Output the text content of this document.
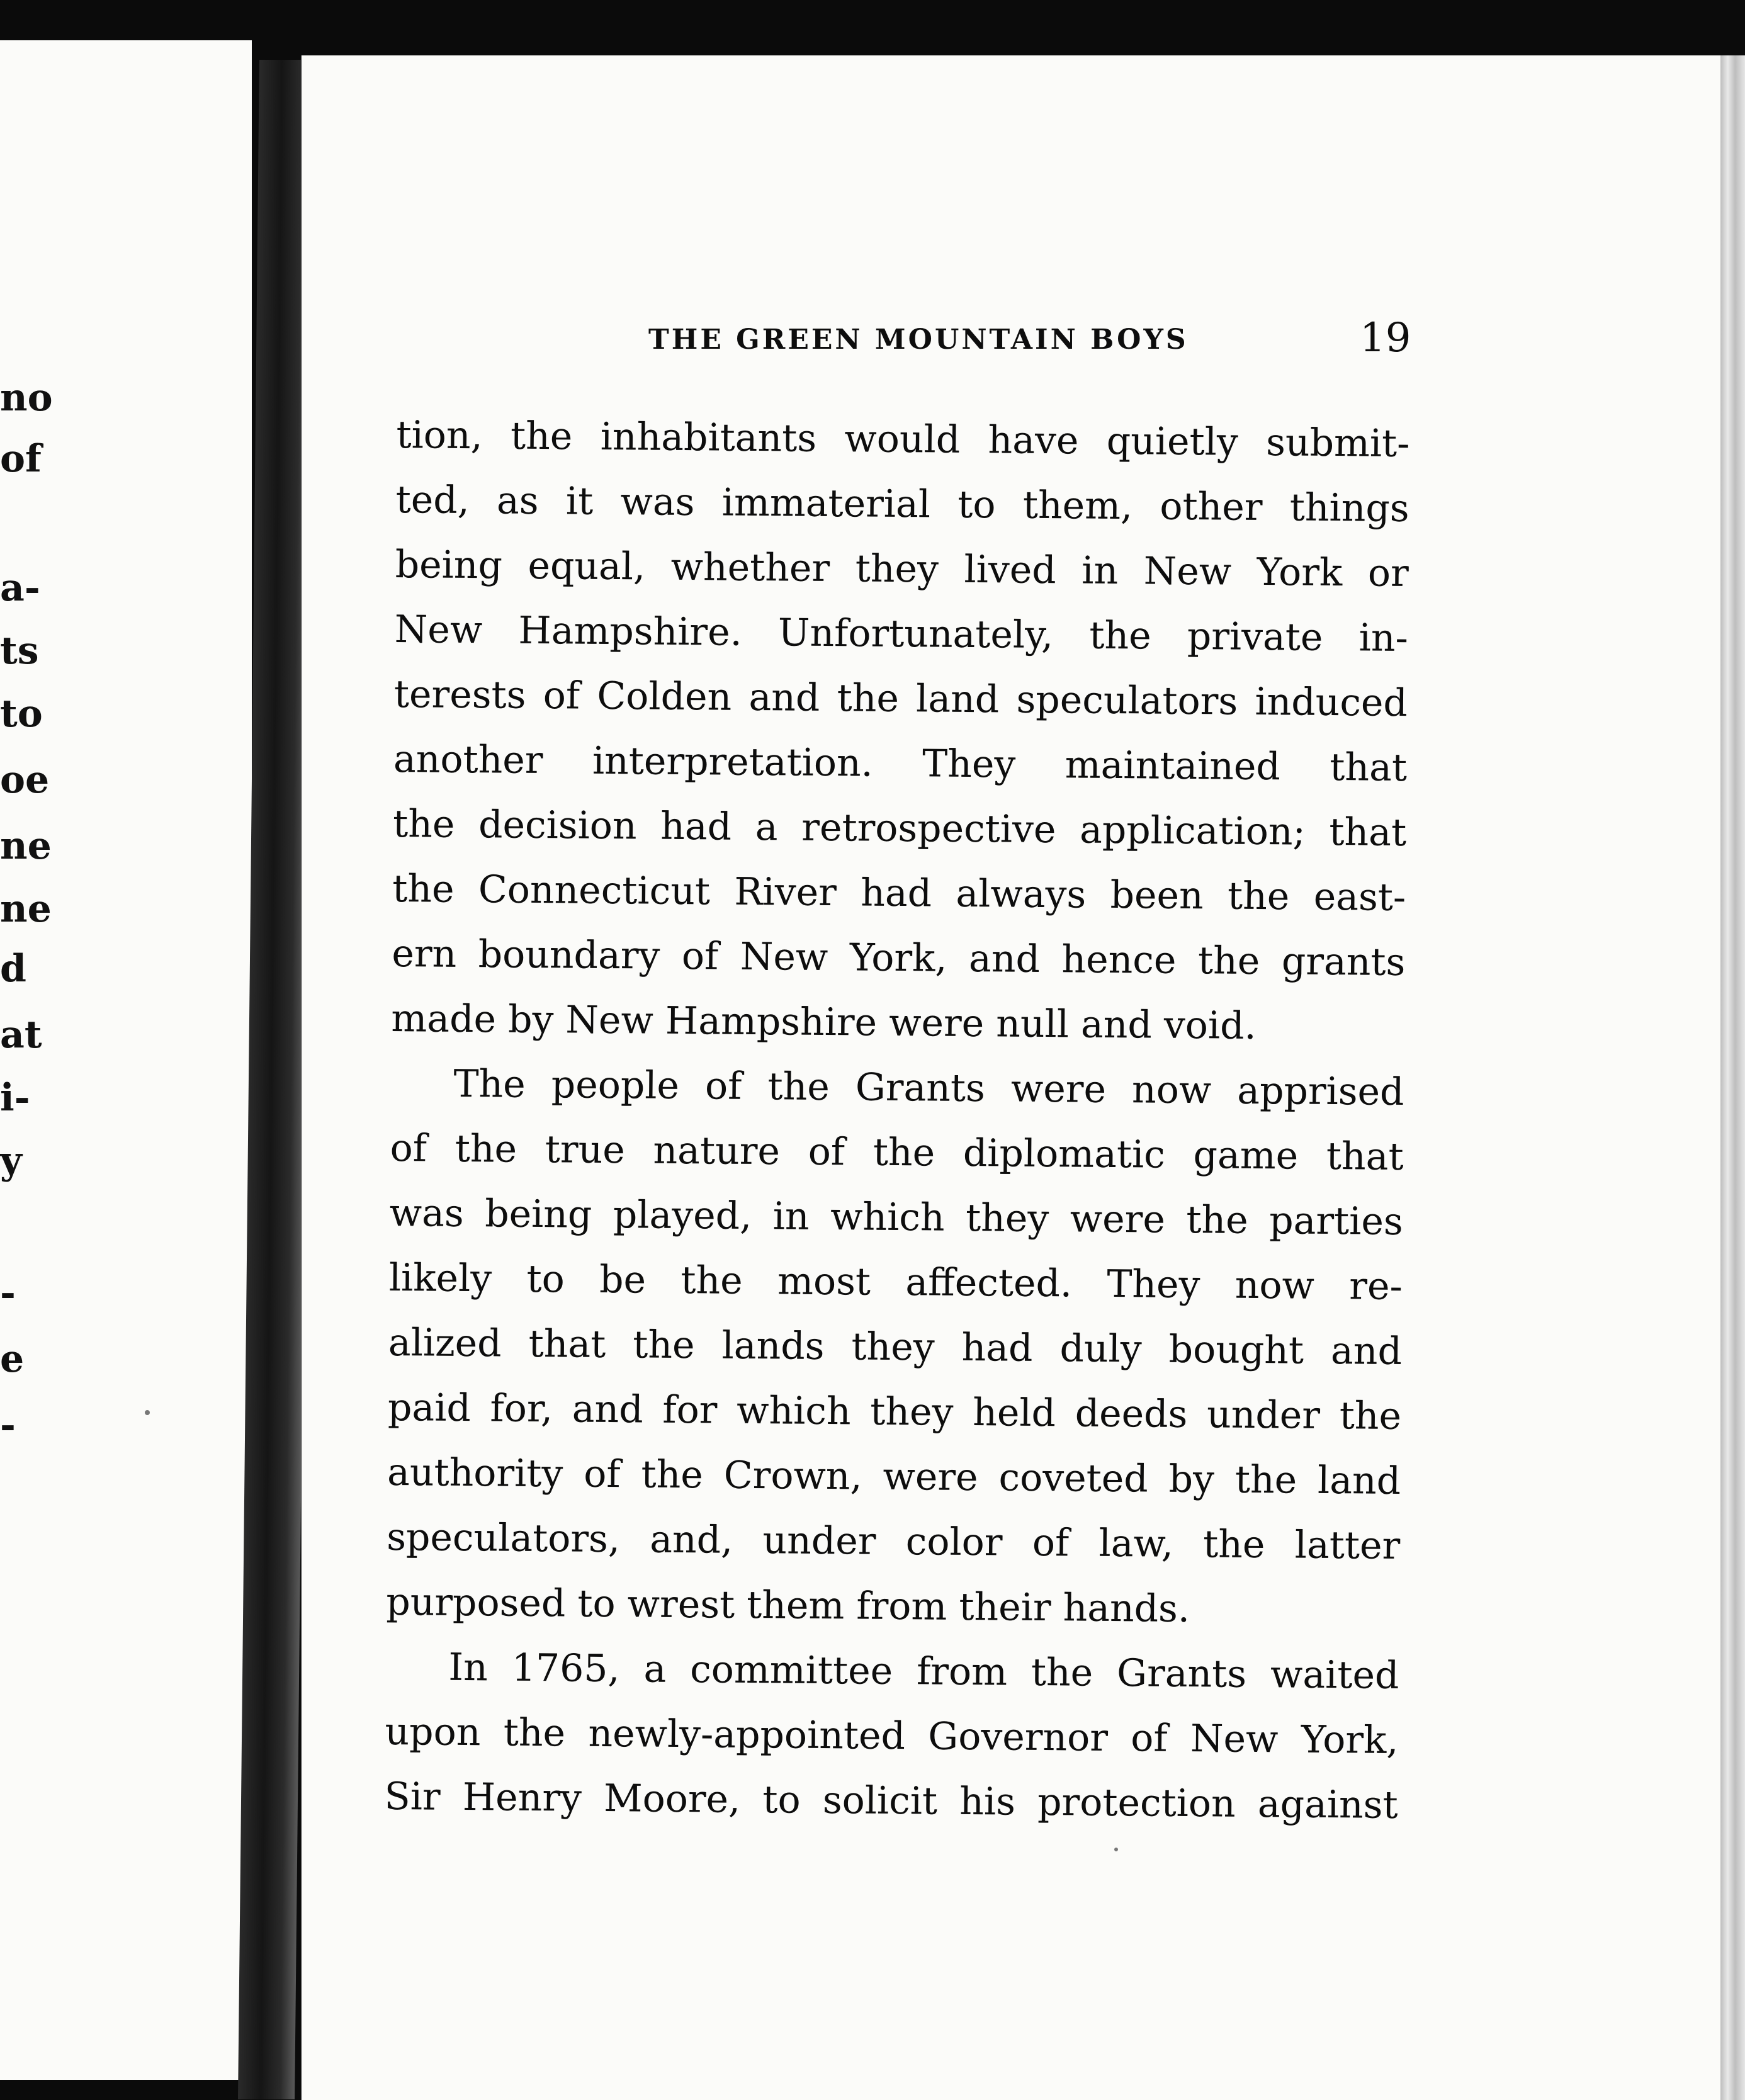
no
of
a-
ts
to
oe
ne
ne
d
at
i-
y
-
e
-
THE GREEN MOUNTAIN BOYS	19
tion, the inhabitants would have quietly submit-
ted, as it was immaterial to them, other things
being equal, whether they lived in New York or
New Hampshire. Unfortunately, the private in-
terests of Colden and the land speculators induced
another interpretation. They maintained that
the decision had a retrospective application; that
the Connecticut River had always been the east-
ern boundary of New York, and hence the grants
made by New Hampshire were null and void.
The people of the Grants were now apprised
of the true nature of the diplomatic game that
was being played, in which they were the parties
likely to be the most affected. They now re-
alized that the lands they had duly bought and
paid for, and for which they held deeds under the
authority of the Crown, were coveted by the land
speculators, and, under color of law, the latter
purposed to wrest them from their hands.
In 1765, a committee from the Grants waited
upon the newly-appointed Governor of New York,
Sir Henry Moore, to solicit his protection against
